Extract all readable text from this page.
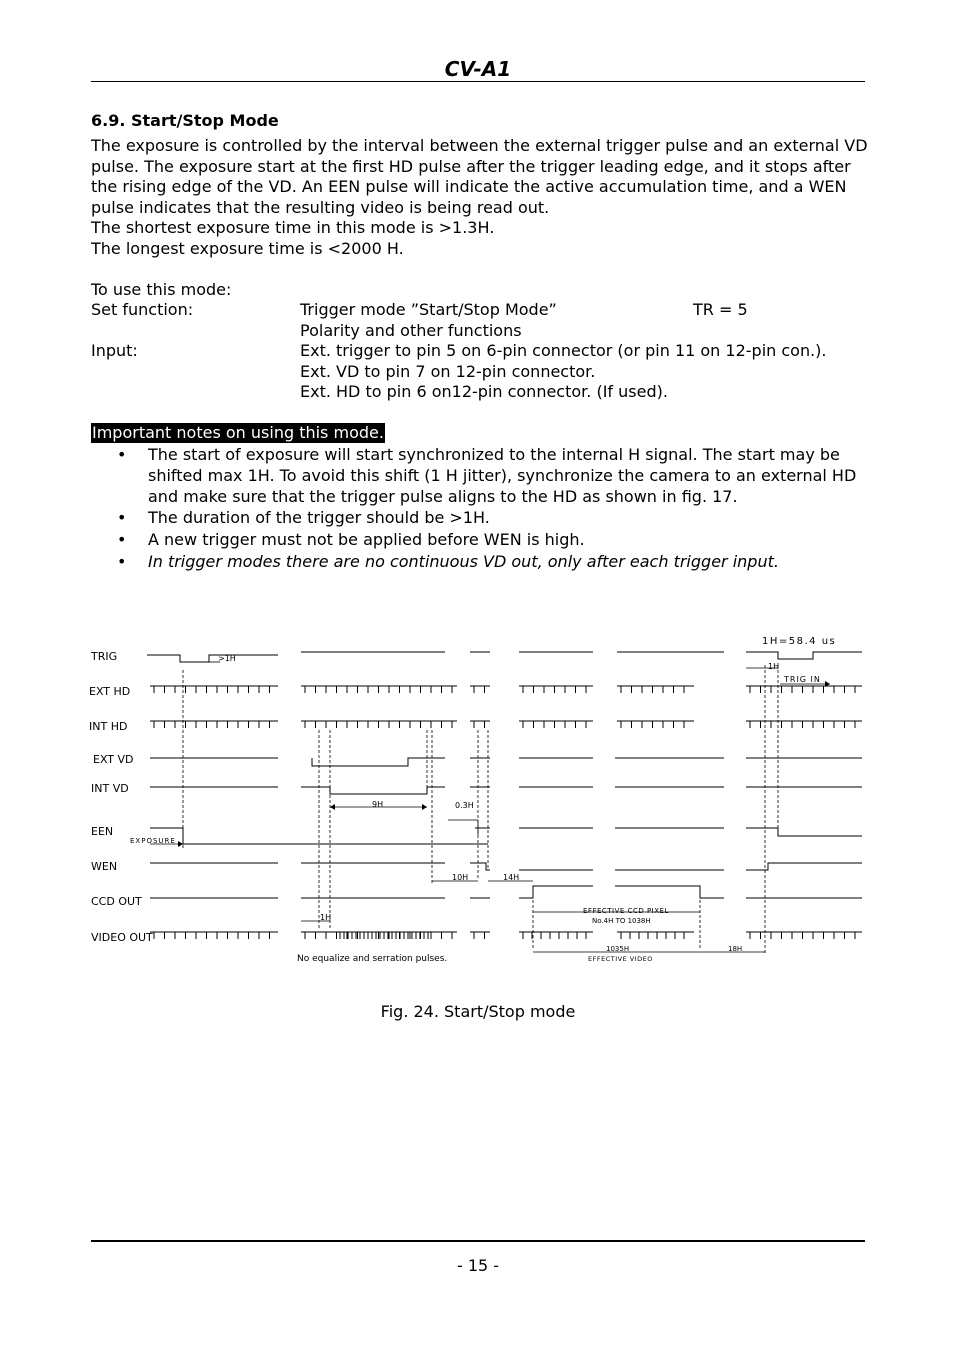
CV-A1
6.9. Start/Stop Mode
The exposure is controlled by the interval between the external trigger pulse and an external VD
pulse. The exposure start at the first HD pulse after the trigger leading edge, and it stops after
the rising edge of the VD. An EEN pulse will indicate the active accumulation time, and a WEN
pulse indicates that the resulting video is being read out.
The shortest exposure time in this mode is >1.3H.
The longest exposure time is <2000 H.
To use this mode:
Set function:	Trigger mode ”Start/Stop Mode”	TR = 5
Polarity and other functions
Input:	Ext. trigger to pin 5 on 6-pin connector (or pin 11 on 12-pin con.).
Ext. VD to pin 7 on 12-pin connector.
Ext. HD to pin 6 on12-pin connector. (If used).
Important notes on using this mode.
• The start of exposure will start synchronized to the internal H signal. The start may be shifted max 1H. To avoid this shift (1 H jitter), synchronize the camera to an external HD and make sure that the trigger pulse aligns to the HD as shown in fig. 17.
• The duration of the trigger should be >1H.
• A new trigger must not be applied before WEN is high.
• In trigger modes there are no continuous VD out, only after each trigger input.
TRIG
EXT HD
INT HD
EXT VD
INT VD
EEN
WEN
CCD OUT
VIDEO OUT
1H=58.4 us
>1H
1H
TRIG IN
9H	0.3H
EXPOSURE
10H	14H
EFFECTIVE CCD PIXEL
No.4H TO 1038H
1H
1035H
EFFECTIVE VIDEO
18H
No equalize and serration pulses.
Fig. 24. Start/Stop mode
- 15 -
